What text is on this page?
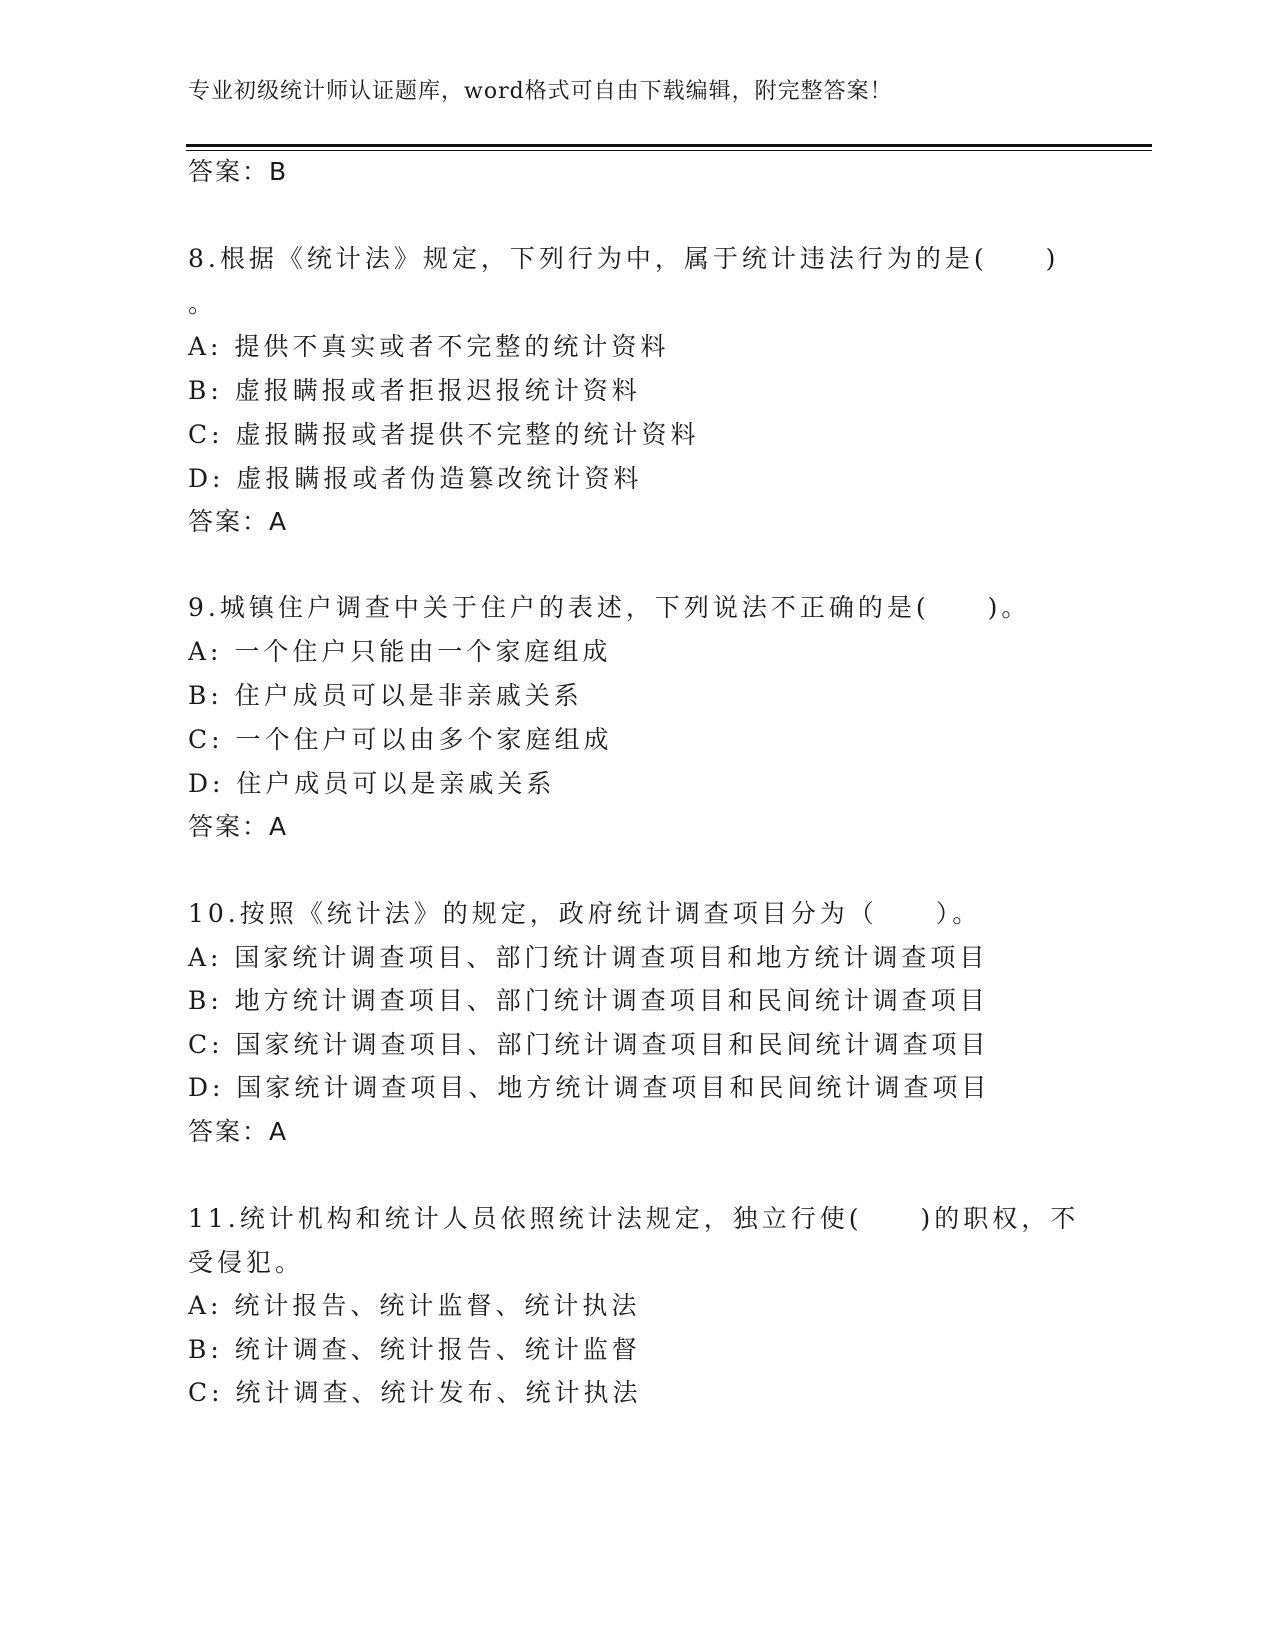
专业初级统计师认证题库，word格式可自由下载编辑，附完整答案！
答案：B
8.根据《统计法》规定，下列行为中，属于统计违法行为的是(　　)
。
A: 提供不真实或者不完整的统计资料
B: 虚报瞒报或者拒报迟报统计资料
C: 虚报瞒报或者提供不完整的统计资料
D: 虚报瞒报或者伪造篡改统计资料
答案：A
9.城镇住户调查中关于住户的表述，下列说法不正确的是(　　)。
A: 一个住户只能由一个家庭组成
B: 住户成员可以是非亲戚关系
C: 一个住户可以由多个家庭组成
D: 住户成员可以是亲戚关系
答案：A
10.按照《统计法》的规定，政府统计调查项目分为（　　）。
A: 国家统计调查项目、部门统计调查项目和地方统计调查项目
B: 地方统计调查项目、部门统计调查项目和民间统计调查项目
C: 国家统计调查项目、部门统计调查项目和民间统计调查项目
D: 国家统计调查项目、地方统计调查项目和民间统计调查项目
答案：A
11.统计机构和统计人员依照统计法规定，独立行使(　　)的职权，不
受侵犯。
A: 统计报告、统计监督、统计执法
B: 统计调查、统计报告、统计监督
C: 统计调查、统计发布、统计执法
